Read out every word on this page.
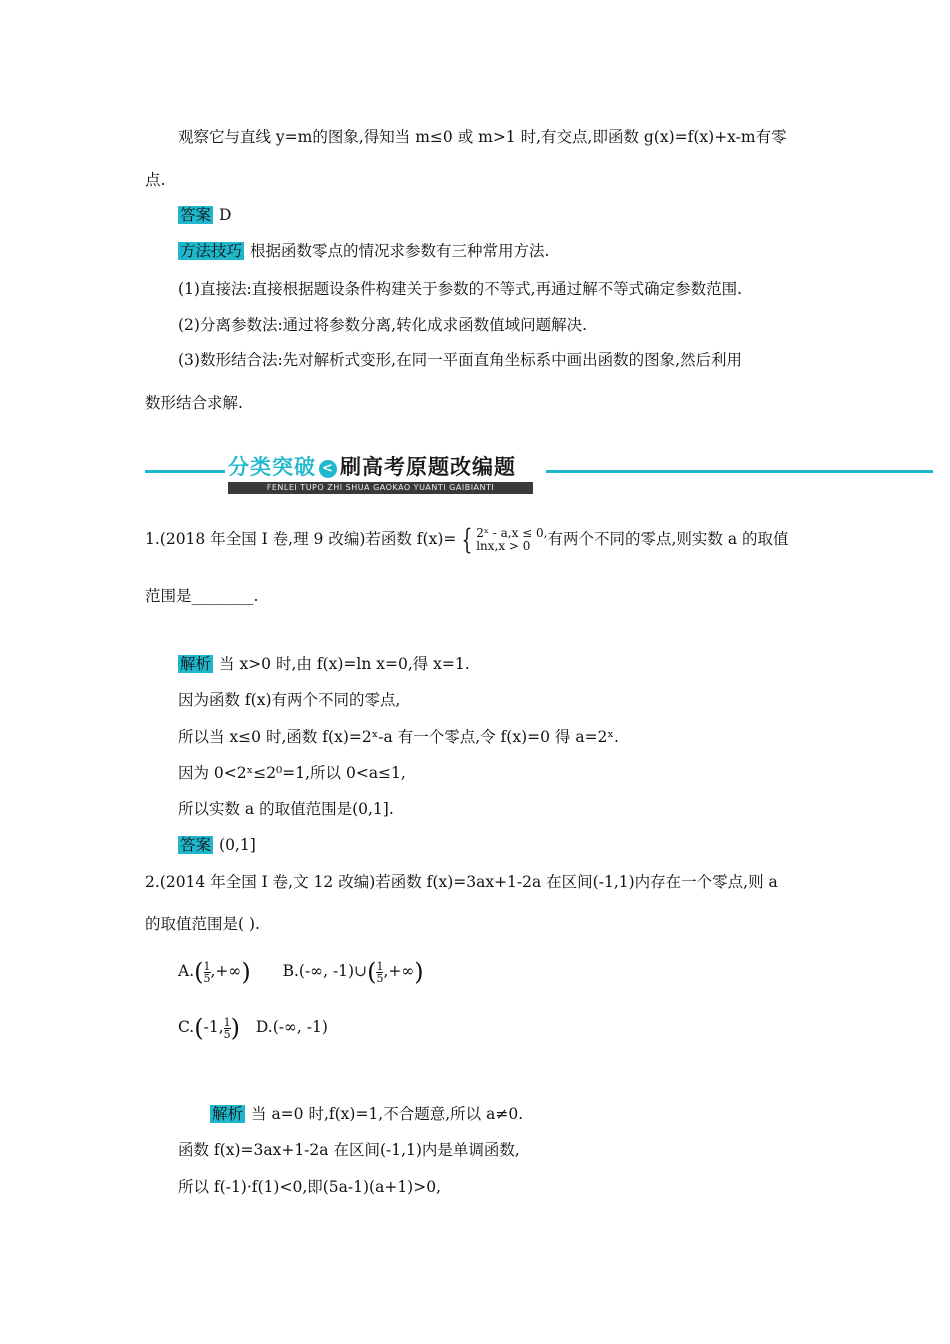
观察它与直线 y=m的图象,得知当 m≤0 或 m>1 时,有交点,即函数 g(x)=f(x)+x-m有零
点.
答案 D
方法技巧 根据函数零点的情况求参数有三种常用方法.
(1)直接法:直接根据题设条件构建关于参数的不等式,再通过解不等式确定参数范围.
(2)分离参数法:通过将参数分离,转化成求函数值域问题解决.
(3)数形结合法:先对解析式变形,在同一平面直角坐标系中画出函数的图象,然后利用
数形结合求解.
分类突破 < 刷高考原题改编题
FENLEI TUPO ZHI SHUA GAOKAO YUANTI GAIBIANTI
1.(2018 年全国 Ⅰ 卷,理 9 改编)若函数 f(x)= { 2ˣ - a,x ≤ 0,
lnx,x > 0	有两个不同的零点,则实数 a 的取值
范围是________.
解析 当 x>0 时,由 f(x)=ln x=0,得 x=1.
因为函数 f(x)有两个不同的零点,
所以当 x≤0 时,函数 f(x)=2ˣ-a 有一个零点,令 f(x)=0 得 a=2ˣ.
因为 0<2ˣ≤2⁰=1,所以 0<a≤1,
所以实数 a 的取值范围是(0,1].
答案 (0,1]
2.(2014 年全国 Ⅰ 卷,文 12 改编)若函数 f(x)=3ax+1-2a 在区间(-1,1)内存在一个零点,则 a
的取值范围是( ).
$A.( \frac{1}{5}$ ,+∞) B.(-∞, -1)∪( $\frac{1}{5}$ ,+∞)
C.(-1, $\frac{1}{5}$ ) D.(-∞, -1)
解析 当 a=0 时,f(x)=1,不合题意,所以 a≠0.
函数 f(x)=3ax+1-2a 在区间(-1,1)内是单调函数,
所以 f(-1)·f(1)<0,即(5a-1)(a+1)>0,
